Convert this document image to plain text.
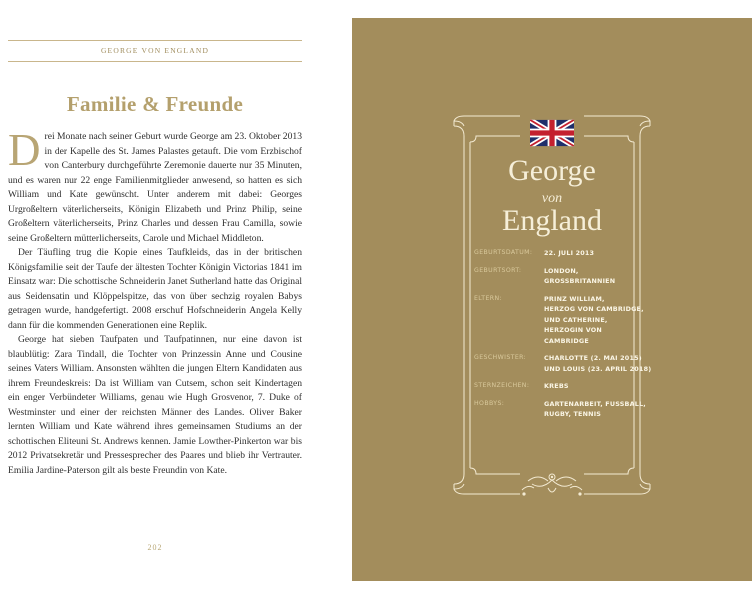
GEORGE VON ENGLAND
Familie & Freunde

Drei Monate nach seiner Geburt wurde George am 23. Oktober 2013 in der Kapelle des St. James Palastes getauft. Die vom Erzbischof von Canterbury durchgeführte Zeremonie dauerte nur 35 Minuten, und es waren nur 22 enge Familienmitglieder anwesend, so hatten es sich William und Kate gewünscht. Unter anderem mit dabei: Georges Urgroßeltern väterlicherseits, Königin Elizabeth und Prinz Philip, seine Großeltern väterlicherseits, Prinz Charles und dessen Frau Camilla, sowie seine Großeltern mütterlicherseits, Carole und Michael Middleton.

Der Täufling trug die Kopie eines Taufkleids, das in der britischen Königsfamilie seit der Taufe der ältesten Tochter Königin Victorias 1841 im Einsatz war: Die schottische Schneiderin Janet Sutherland hatte das Original aus Seidensatin und Klöppelspitze, das von über sechzig royalen Babys getragen wurde, handgefertigt. 2008 erschuf Hofschneiderin Angela Kelly dann für die kommenden Generationen eine Replik.

George hat sieben Taufpaten und Taufpatinnen, nur eine davon ist blaublütig: Zara Tindall, die Tochter von Prinzessin Anne und Cousine seines Vaters William. Ansonsten wählten die jungen Eltern Kandidaten aus ihrem Freundeskreis: Da ist William van Cutsem, schon seit Kindertagen ein enger Verbündeter Williams, genau wie Hugh Grosvenor, 7. Duke of Westminster und einer der reichsten Männer des Landes. Oliver Baker lernten William und Kate während ihres gemeinsamen Studiums an der schottischen Eliteuni St. Andrews kennen. Jamie Lowther-Pinkerton war bis 2012 Privatsekretär und Pressesprecher des Paares und blieb ihr Vertrauter. Emilia Jardine-Paterson gilt als beste Freundin von Kate.

202
George
von
England
GEBURTSDATUM:	22. JULI 2013
GEBURTSORT:	LONDON,
GROSSBRITANNIEN
ELTERN:	PRINZ WILLIAM,
HERZOG VON CAMBRIDGE,
UND CATHERINE,
HERZOGIN VON
CAMBRIDGE
GESCHWISTER:	CHARLOTTE (2. MAI 2015)
UND LOUIS (23. APRIL 2018)
STERNZEICHEN:	KREBS
HOBBYS:	GARTENARBEIT, FUSSBALL,
RUGBY, TENNIS
